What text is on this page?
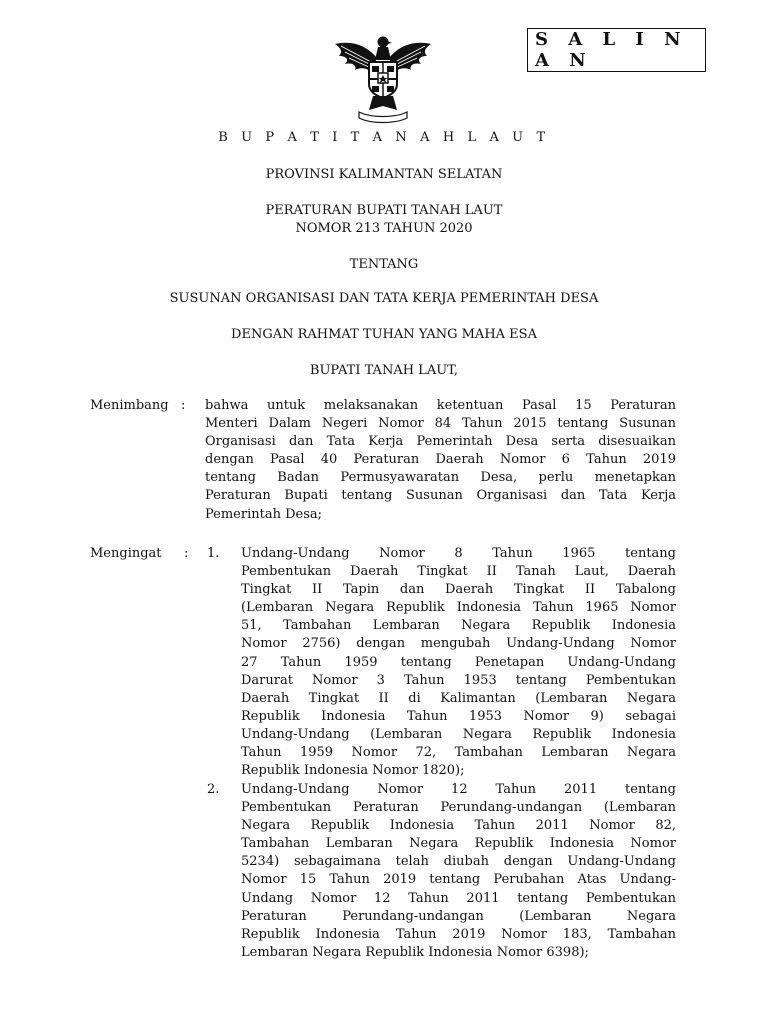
S A L I N A N
B U P A T I T A N A H L A U T
PROVINSI KALIMANTAN SELATAN
PERATURAN BUPATI TANAH LAUT
NOMOR 213 TAHUN 2020
TENTANG
SUSUNAN ORGANISASI DAN TATA KERJA PEMERINTAH DESA
DENGAN RAHMAT TUHAN YANG MAHA ESA
BUPATI TANAH LAUT,
Menimbang : bahwa untuk melaksanakan ketentuan Pasal 15 Peraturan
Menteri Dalam Negeri Nomor 84 Tahun 2015 tentang Susunan
Organisasi dan Tata Kerja Pemerintah Desa serta disesuaikan
dengan Pasal 40 Peraturan Daerah Nomor 6 Tahun 2019
tentang Badan Permusyawaratan Desa, perlu menetapkan
Peraturan Bupati tentang Susunan Organisasi dan Tata Kerja
Pemerintah Desa;
Mengingat : 1. Undang-Undang Nomor 8 Tahun 1965 tentang
Pembentukan Daerah Tingkat II Tanah Laut, Daerah
Tingkat II Tapin dan Daerah Tingkat II Tabalong
(Lembaran Negara Republik Indonesia Tahun 1965 Nomor
51, Tambahan Lembaran Negara Republik Indonesia
Nomor 2756) dengan mengubah Undang-Undang Nomor
27 Tahun 1959 tentang Penetapan Undang-Undang
Darurat Nomor 3 Tahun 1953 tentang Pembentukan
Daerah Tingkat II di Kalimantan (Lembaran Negara
Republik Indonesia Tahun 1953 Nomor 9) sebagai
Undang-Undang (Lembaran Negara Republik Indonesia
Tahun 1959 Nomor 72, Tambahan Lembaran Negara
Republik Indonesia Nomor 1820);
2. Undang-Undang Nomor 12 Tahun 2011 tentang
Pembentukan Peraturan Perundang-undangan (Lembaran
Negara Republik Indonesia Tahun 2011 Nomor 82,
Tambahan Lembaran Negara Republik Indonesia Nomor
5234) sebagaimana telah diubah dengan Undang-Undang
Nomor 15 Tahun 2019 tentang Perubahan Atas Undang-
Undang Nomor 12 Tahun 2011 tentang Pembentukan
Peraturan Perundang-undangan (Lembaran Negara
Republik Indonesia Tahun 2019 Nomor 183, Tambahan
Lembaran Negara Republik Indonesia Nomor 6398);
